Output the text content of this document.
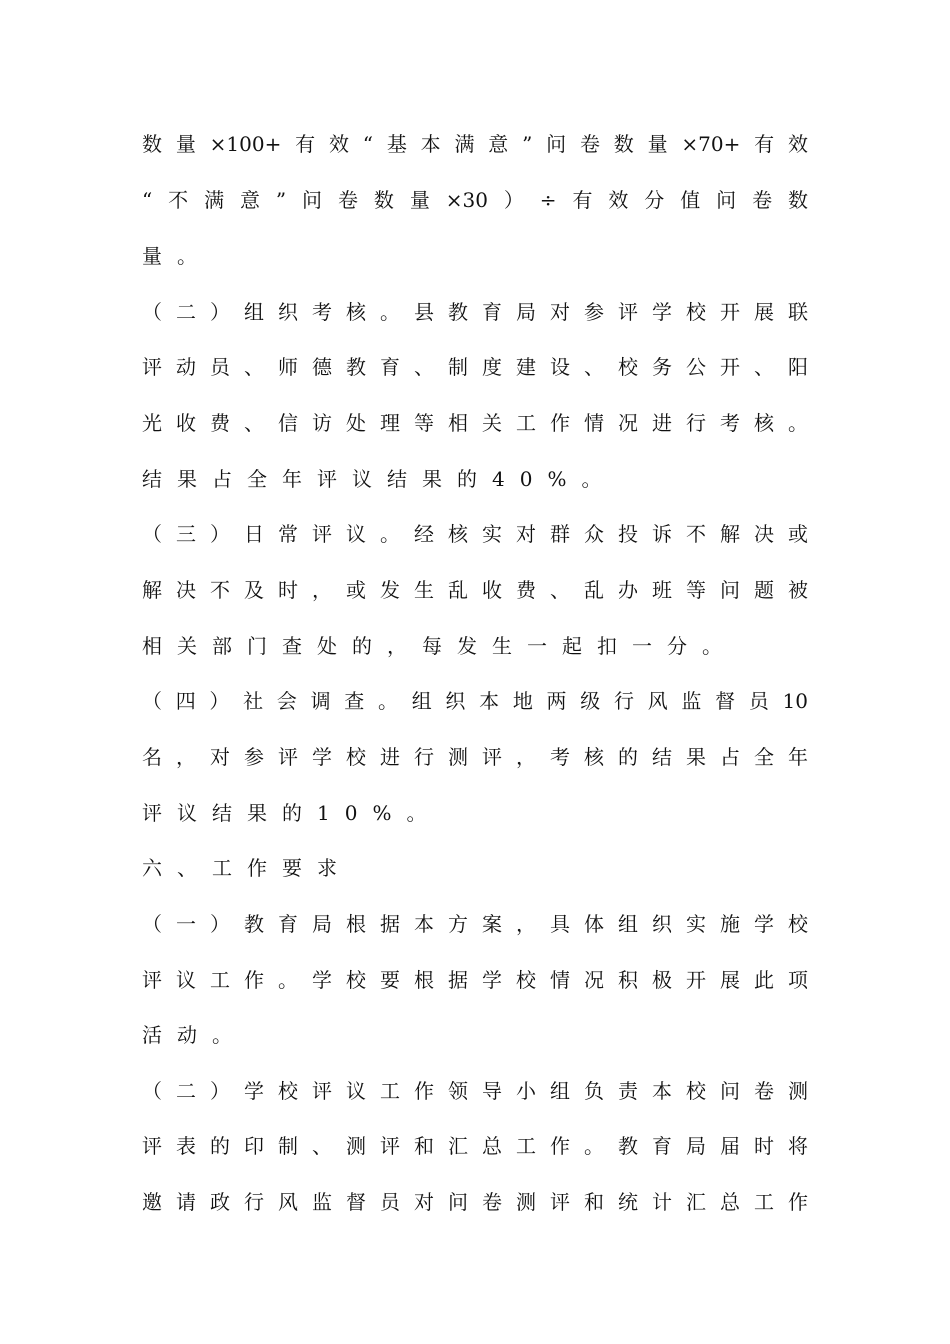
数量×100+有效“基本满意”问卷数量×70+有效
“不满意”问卷数量×30）÷有效分值问卷数
量。
（二）组织考核。县教育局对参评学校开展联
评动员、师德教育、制度建设、校务公开、阳
光收费、信访处理等相关工作情况进行考核。
结果占全年评议结果的40%。
（三）日常评议。经核实对群众投诉不解决或
解决不及时，或发生乱收费、乱办班等问题被
相关部门查处的，每发生一起扣一分。
（四）社会调查。组织本地两级行风监督员10
名，对参评学校进行测评，考核的结果占全年
评议结果的10%。
六、工作要求
（一）教育局根据本方案，具体组织实施学校
评议工作。学校要根据学校情况积极开展此项
活动。
（二）学校评议工作领导小组负责本校问卷测
评表的印制、测评和汇总工作。教育局届时将
邀请政行风监督员对问卷测评和统计汇总工作
